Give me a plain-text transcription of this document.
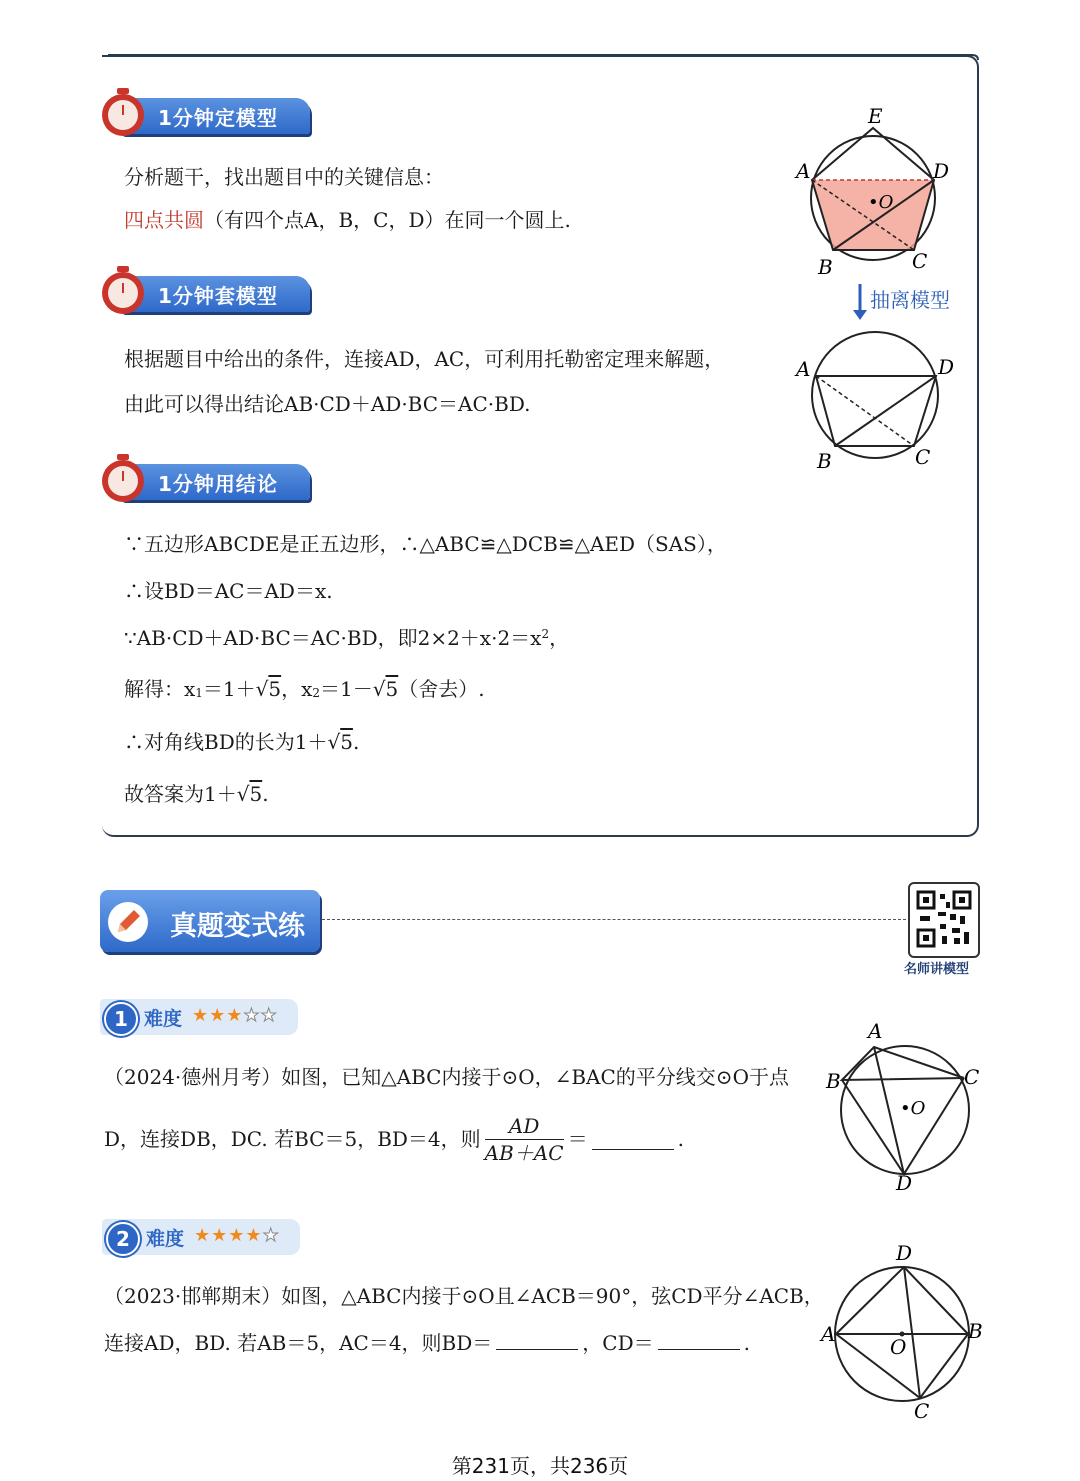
1分钟定模型
分析题干，找出题目中的关键信息：
四点共圆（有四个点A，B，C，D）在同一个圆上.
1分钟套模型
根据题目中给出的条件，连接AD，AC，可利用托勒密定理来解题，
由此可以得出结论AB·CD＋AD·BC＝AC·BD.
1分钟用结论
∵五边形ABCDE是正五边形，∴△ABC≌△DCB≌△AED（SAS），
∴设BD＝AC＝AD＝x.
∵AB·CD＋AD·BC＝AC·BD，即$2\times 2+x\cdot 2=x^2$，
解得：$x_1=1+√5$，$x_2=1-√5$（舍去）.
∴对角线BD的长为1＋√5.
故答案为1＋√5.
E
A	D
B	C
•O
抽离模型
A	D
B	C
真题变式练
名师讲模型
1 难度 ★★★★★
（2024·德州月考）如图，已知△ABC内接于⊙O，∠BAC的平分线交⊙O于点
D，连接DB，DC. 若BC＝5，BD＝4，则 $\frac{AD}{AB+AC}$ ＝	.
A
B	C
D
•O
2 难度 ★★★★★
（2023·邯郸期末）如图，△ABC内接于⊙O且∠ACB＝90°，弦CD平分∠ACB，
连接AD，BD. 若AB＝5，AC＝4，则BD＝	，CD＝	.
D
A	B
C
O
第231页，共236页
